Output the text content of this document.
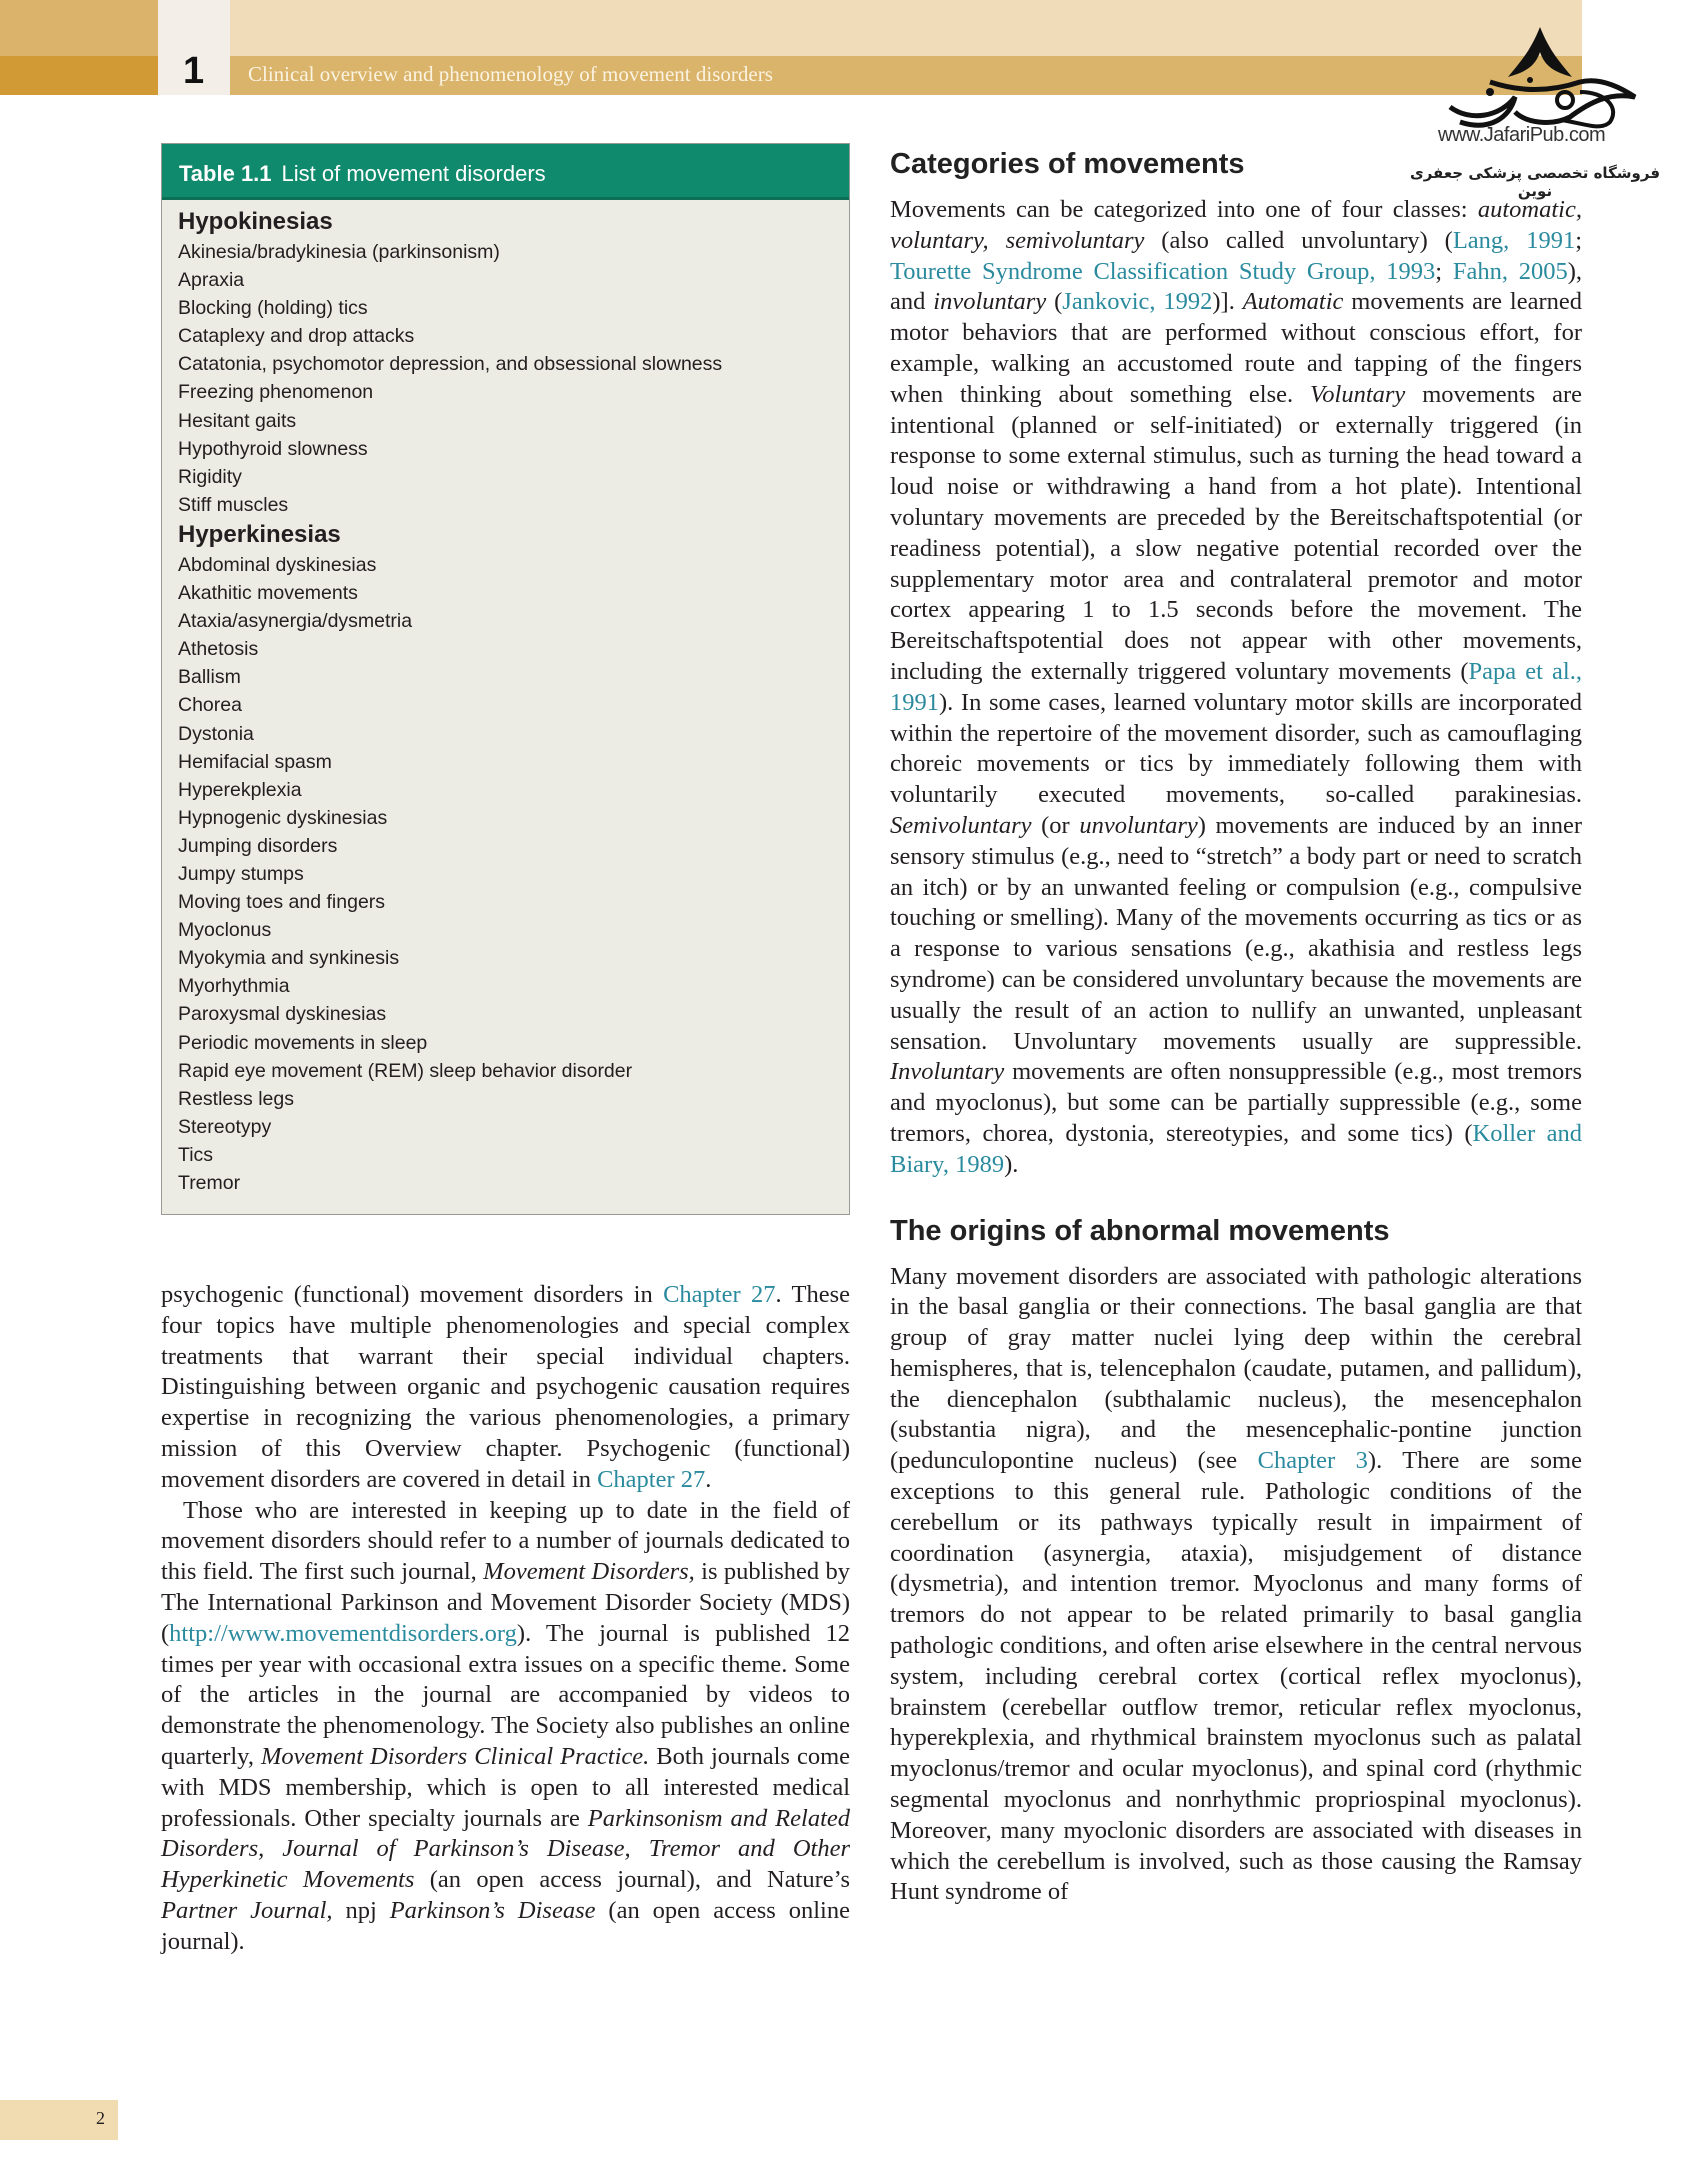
1 Clinical overview and phenomenology of movement disorders
www.JafariPub.com
فروشگاه تخصصی پزشکی جعفری نوین
Table 1.1 List of movement disorders
Hypokinesias
Akinesia/bradykinesia (parkinsonism)
Apraxia
Blocking (holding) tics
Cataplexy and drop attacks
Catatonia, psychomotor depression, and obsessional slowness
Freezing phenomenon
Hesitant gaits
Hypothyroid slowness
Rigidity
Stiff muscles
Hyperkinesias
Abdominal dyskinesias
Akathitic movements
Ataxia/asynergia/dysmetria
Athetosis
Ballism
Chorea
Dystonia
Hemifacial spasm
Hyperekplexia
Hypnogenic dyskinesias
Jumping disorders
Jumpy stumps
Moving toes and fingers
Myoclonus
Myokymia and synkinesis
Myorhythmia
Paroxysmal dyskinesias
Periodic movements in sleep
Rapid eye movement (REM) sleep behavior disorder
Restless legs
Stereotypy
Tics
Tremor

psychogenic (functional) movement disorders in Chapter 27. These four topics have multiple phenomenologies and special complex treatments that warrant their special individual chapters. Distinguishing between organic and psychogenic causation requires expertise in recognizing the various phenomenologies, a primary mission of this Overview chapter. Psychogenic (functional) movement disorders are covered in detail in Chapter 27.

Those who are interested in keeping up to date in the field of movement disorders should refer to a number of journals dedicated to this field. The first such journal, Movement Disorders, is published by The International Parkinson and Movement Disorder Society (MDS) (http://www.movementdisorders.org). The journal is published 12 times per year with occasional extra issues on a specific theme. Some of the articles in the journal are accompanied by videos to demonstrate the phenomenology. The Society also publishes an online quarterly, Movement Disorders Clinical Practice. Both journals come with MDS membership, which is open to all interested medical professionals. Other specialty journals are Parkinsonism and Related Disorders, Journal of Parkinson’s Disease, Tremor and Other Hyperkinetic Movements (an open access journal), and Nature’s Partner Journal, npj Parkinson’s Disease (an open access online journal).

Categories of movements

Movements can be categorized into one of four classes: automatic, voluntary, semivoluntary (also called unvoluntary) (Lang, 1991; Tourette Syndrome Classification Study Group, 1993; Fahn, 2005), and involuntary (Jankovic, 1992)]. Automatic movements are learned motor behaviors that are performed without conscious effort, for example, walking an accustomed route and tapping of the fingers when thinking about something else. Voluntary movements are intentional (planned or self-initiated) or externally triggered (in response to some external stimulus, such as turning the head toward a loud noise or withdrawing a hand from a hot plate). Intentional voluntary movements are preceded by the Bereitschaftspotential (or readiness potential), a slow negative potential recorded over the supplementary motor area and contralateral premotor and motor cortex appearing 1 to 1.5 seconds before the movement. The Bereitschaftspotential does not appear with other movements, including the externally triggered voluntary movements (Papa et al., 1991). In some cases, learned voluntary motor skills are incorporated within the repertoire of the movement disorder, such as camouflaging choreic movements or tics by immediately following them with voluntarily executed movements, so-called parakinesias. Semivoluntary (or unvoluntary) movements are induced by an inner sensory stimulus (e.g., need to “stretch” a body part or need to scratch an itch) or by an unwanted feeling or compulsion (e.g., compulsive touching or smelling). Many of the movements occurring as tics or as a response to various sensations (e.g., akathisia and restless legs syndrome) can be considered unvoluntary because the movements are usually the result of an action to nullify an unwanted, unpleasant sensation. Unvoluntary movements usually are suppressible. Involuntary movements are often nonsuppressible (e.g., most tremors and myoclonus), but some can be partially suppressible (e.g., some tremors, chorea, dystonia, stereotypies, and some tics) (Koller and Biary, 1989).

The origins of abnormal movements

Many movement disorders are associated with pathologic alterations in the basal ganglia or their connections. The basal ganglia are that group of gray matter nuclei lying deep within the cerebral hemispheres, that is, telencephalon (caudate, putamen, and pallidum), the diencephalon (subthalamic nucleus), the mesencephalon (substantia nigra), and the mesencephalic-pontine junction (pedunculopontine nucleus) (see Chapter 3). There are some exceptions to this general rule. Pathologic conditions of the cerebellum or its pathways typically result in impairment of coordination (asynergia, ataxia), misjudgement of distance (dysmetria), and intention tremor. Myoclonus and many forms of tremors do not appear to be related primarily to basal ganglia pathologic conditions, and often arise elsewhere in the central nervous system, including cerebral cortex (cortical reflex myoclonus), brainstem (cerebellar outflow tremor, reticular reflex myoclonus, hyperekplexia, and rhythmical brainstem myoclonus such as palatal myoclonus/tremor and ocular myoclonus), and spinal cord (rhythmic segmental myoclonus and nonrhythmic propriospinal myoclonus). Moreover, many myoclonic disorders are associated with diseases in which the cerebellum is involved, such as those causing the Ramsay Hunt syndrome of

2
